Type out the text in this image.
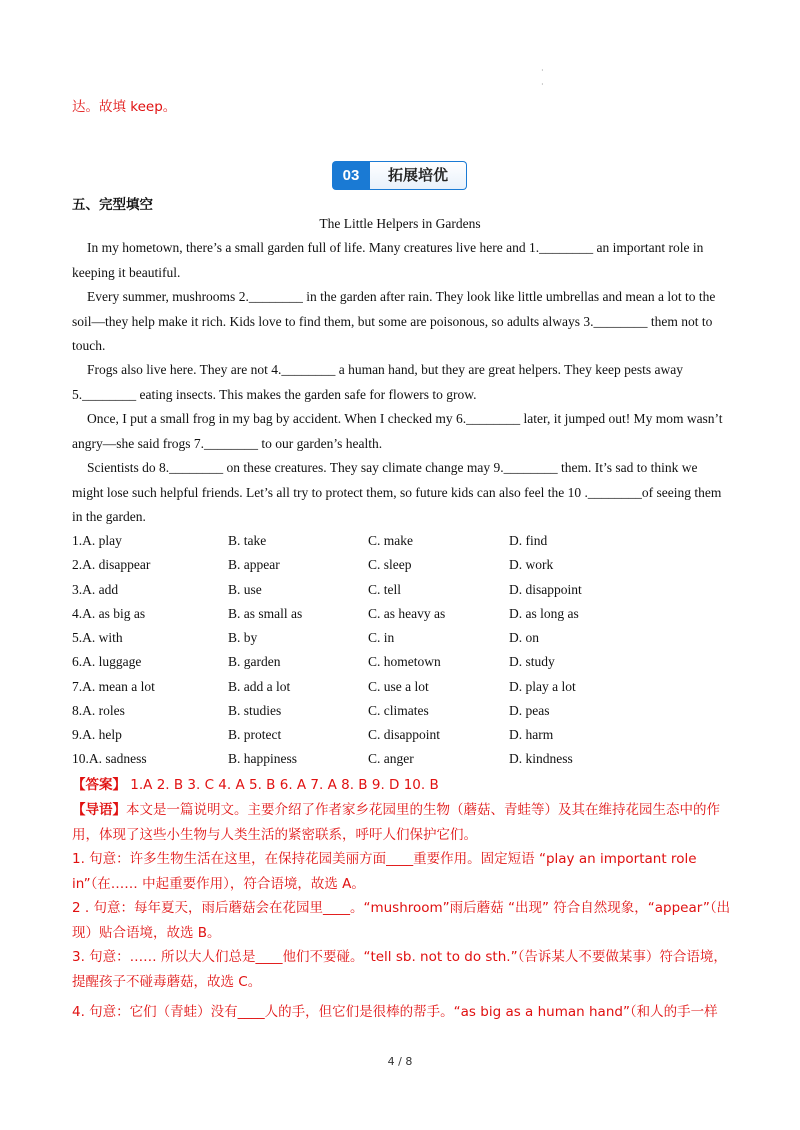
·
·
达。故填 keep。
03	拓展培优
五、完型填空
The Little Helpers in Gardens
In my hometown, there’s a small garden full of life. Many creatures live here and 1.________ an important role in keeping it beautiful.
Every summer, mushrooms 2.________ in the garden after rain. They look like little umbrellas and mean a lot to the soil—they help make it rich. Kids love to find them, but some are poisonous, so adults always 3.________ them not to touch.
Frogs also live here. They are not 4.________ a human hand, but they are great helpers. They keep pests away 5.________ eating insects. This makes the garden safe for flowers to grow.
Once, I put a small frog in my bag by accident. When I checked my 6.________ later, it jumped out! My mom wasn’t angry—she said frogs 7.________ to our garden’s health.
Scientists do 8.________ on these creatures. They say climate change may 9.________ them. It’s sad to think we might lose such helpful friends. Let’s all try to protect them, so future kids can also feel the 10 .________of seeing them in the garden.
1.A. play	B. take	C. make	D. find
2.A. disappear	B. appear	C. sleep	D. work
3.A. add	B. use	C. tell	D. disappoint
4.A. as big as	B. as small as	C. as heavy as	D. as long as
5.A. with	B. by	C. in	D. on
6.A. luggage	B. garden	C. hometown	D. study
7.A. mean a lot	B. add a lot	C. use a lot	D. play a lot
8.A. roles	B. studies	C. climates	D. peas
9.A. help	B. protect	C. disappoint	D. harm
10.A. sadness	B. happiness	C. anger	D. kindness
【答案】 1.A 2. B 3. C 4. A 5. B 6. A 7. A 8. B 9. D 10. B
【导语】本文是一篇说明文。主要介绍了作者家乡花园里的生物（蘑菇、青蛙等）及其在维持花园生态中的作用，体现了这些小生物与人类生活的紧密联系，呼吁人们保护它们。
1. 句意：许多生物生活在这里，在保持花园美丽方面____重要作用。固定短语 “play an important role in”（在…… 中起重要作用），符合语境，故选 A。
2 . 句意：每年夏天，雨后蘑菇会在花园里____。“mushroom”雨后蘑菇 “出现” 符合自然现象，“appear”（出现）贴合语境，故选 B。
3. 句意：…… 所以大人们总是____他们不要碰。“tell sb. not to do sth.”（告诉某人不要做某事）符合语境，提醒孩子不碰毒蘑菇，故选 C。
4. 句意：它们（青蛙）没有____人的手，但它们是很棒的帮手。“as big as a human hand”（和人的手一样
4 / 8
